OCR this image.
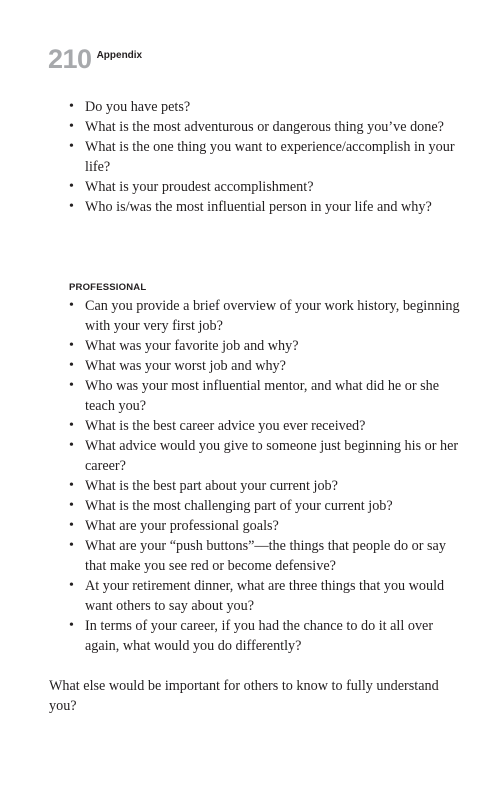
210 Appendix
• Do you have pets?
• What is the most adventurous or dangerous thing you’ve done?
• What is the one thing you want to experience/accomplish in your life?
• What is your proudest accomplishment?
• Who is/was the most influential person in your life and why?
PROFESSIONAL
• Can you provide a brief overview of your work history, beginning with your very first job?
• What was your favorite job and why?
• What was your worst job and why?
• Who was your most influential mentor, and what did he or she teach you?
• What is the best career advice you ever received?
• What advice would you give to someone just beginning his or her career?
• What is the best part about your current job?
• What is the most challenging part of your current job?
• What are your professional goals?
• What are your “push buttons”—the things that people do or say that make you see red or become defensive?
• At your retirement dinner, what are three things that you would want others to say about you?
• In terms of your career, if you had the chance to do it all over again, what would you do differently?

What else would be important for others to know to fully understand you?
